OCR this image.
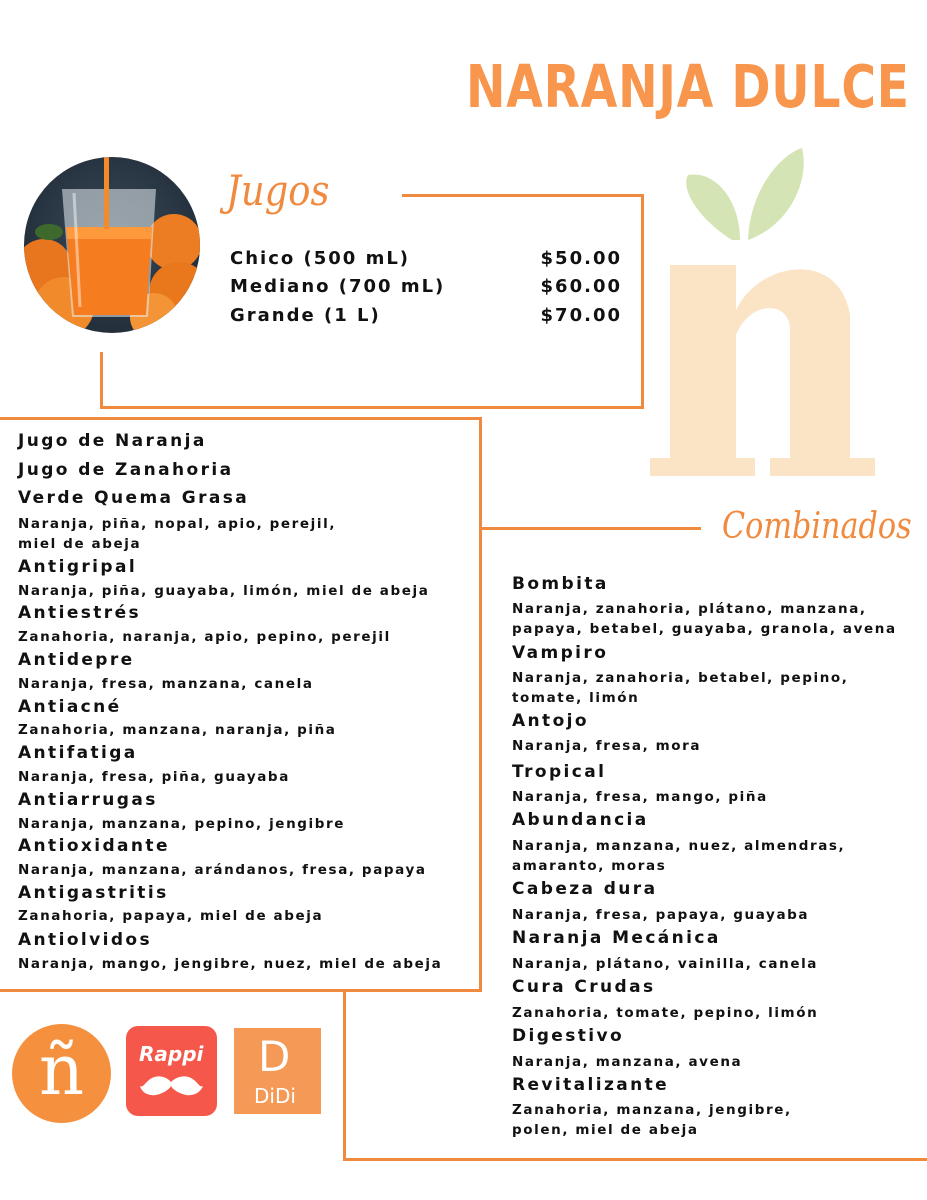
NARANJA DULCE
Jugos
Chico (500 mL)	$50.00
Mediano (700 mL)	$60.00
Grande (1 L)	$70.00
Jugo de Naranja
Jugo de Zanahoria
Verde Quema Grasa
Naranja, piña, nopal, apio, perejil,
miel de abeja
Antigripal
Naranja, piña, guayaba, limón, miel de abeja
Antiestrés
Zanahoria, naranja, apio, pepino, perejil
Antidepre
Naranja, fresa, manzana, canela
Antiacné
Zanahoria, manzana, naranja, piña
Antifatiga
Naranja, fresa, piña, guayaba
Antiarrugas
Naranja, manzana, pepino, jengibre
Antioxidante
Naranja, manzana, arándanos, fresa, papaya
Antigastritis
Zanahoria, papaya, miel de abeja
Antiolvidos
Naranja, mango, jengibre, nuez, miel de abeja
Combinados
Bombita
Naranja, zanahoria, plátano, manzana,
papaya, betabel, guayaba, granola, avena
Vampiro
Naranja, zanahoria, betabel, pepino,
tomate, limón
Antojo
Naranja, fresa, mora
Tropical
Naranja, fresa, mango, piña
Abundancia
Naranja, manzana, nuez, almendras,
amaranto, moras
Cabeza dura
Naranja, fresa, papaya, guayaba
Naranja Mecánica
Naranja, plátano, vainilla, canela
Cura Crudas
Zanahoria, tomate, pepino, limón
Digestivo
Naranja, manzana, avena
Revitalizante
Zanahoria, manzana, jengibre,
polen, miel de abeja
ñ	Rappi D
DiDi
